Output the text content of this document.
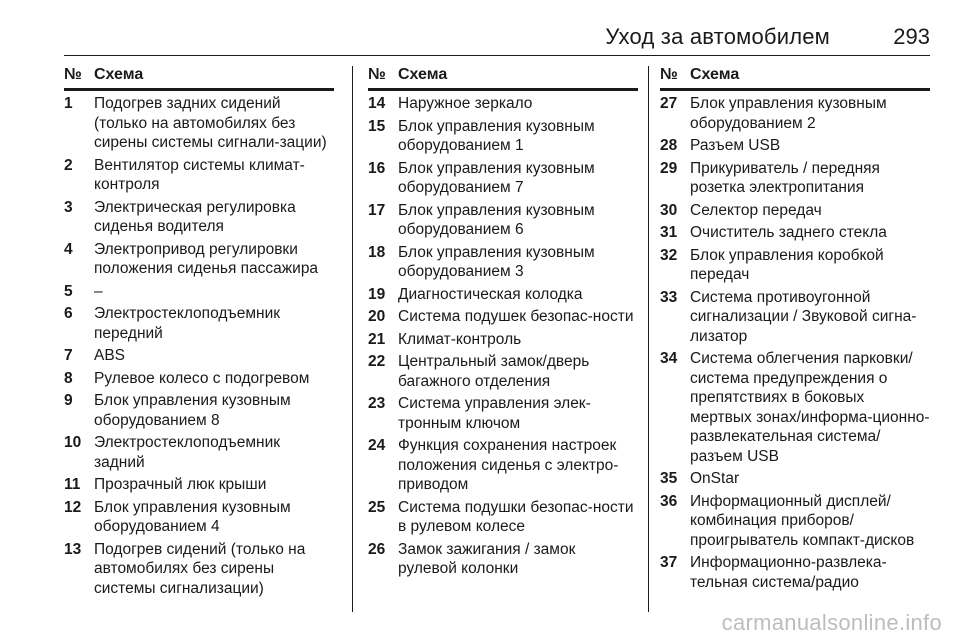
Уход за автомобилем	293
№ Схема
1	Подогрев задних сидений (только на автомобилях без сирены системы сигнали-зации)
2	Вентилятор системы климат-контроля
3	Электрическая регулировка сиденья водителя
4	Электропривод регулировки положения сиденья пассажира
5	–
6	Электростеклоподъемник передний
7	ABS
8	Рулевое колесо с подогревом
9	Блок управления кузовным оборудованием 8
10 Электростеклоподъемник задний
11 Прозрачный люк крыши
12 Блок управления кузовным оборудованием 4
13 Подогрев сидений (только на автомобилях без сирены системы сигнализации)
№ Схема
14 Наружное зеркало
15 Блок управления кузовным оборудованием 1
16 Блок управления кузовным оборудованием 7
17 Блок управления кузовным оборудованием 6
18 Блок управления кузовным оборудованием 3
19 Диагностическая колодка
20 Система подушек безопас-ности
21 Климат-контроль
22 Центральный замок/дверь багажного отделения
23 Система управления элек-тронным ключом
24 Функция сохранения настроек положения сиденья с электро-приводом
25 Система подушки безопас-ности в рулевом колесе
26 Замок зажигания / замок рулевой колонки
№ Схема
27 Блок управления кузовным оборудованием 2
28 Разъем USB
29 Прикуриватель / передняя розетка электропитания
30 Селектор передач
31 Очиститель заднего стекла
32 Блок управления коробкой передач
33 Система противоугонной сигнализации / Звуковой сигна-лизатор
34 Система облегчения парковки/ система предупреждения о препятствиях в боковых мертвых зонах/информа-ционно-развлекательная система/разъем USB
35 OnStar
36 Информационный дисплей/ комбинация приборов/ проигрыватель компакт-дисков
37 Информационно-развлека-тельная система/радио
carmanualsonline.info
